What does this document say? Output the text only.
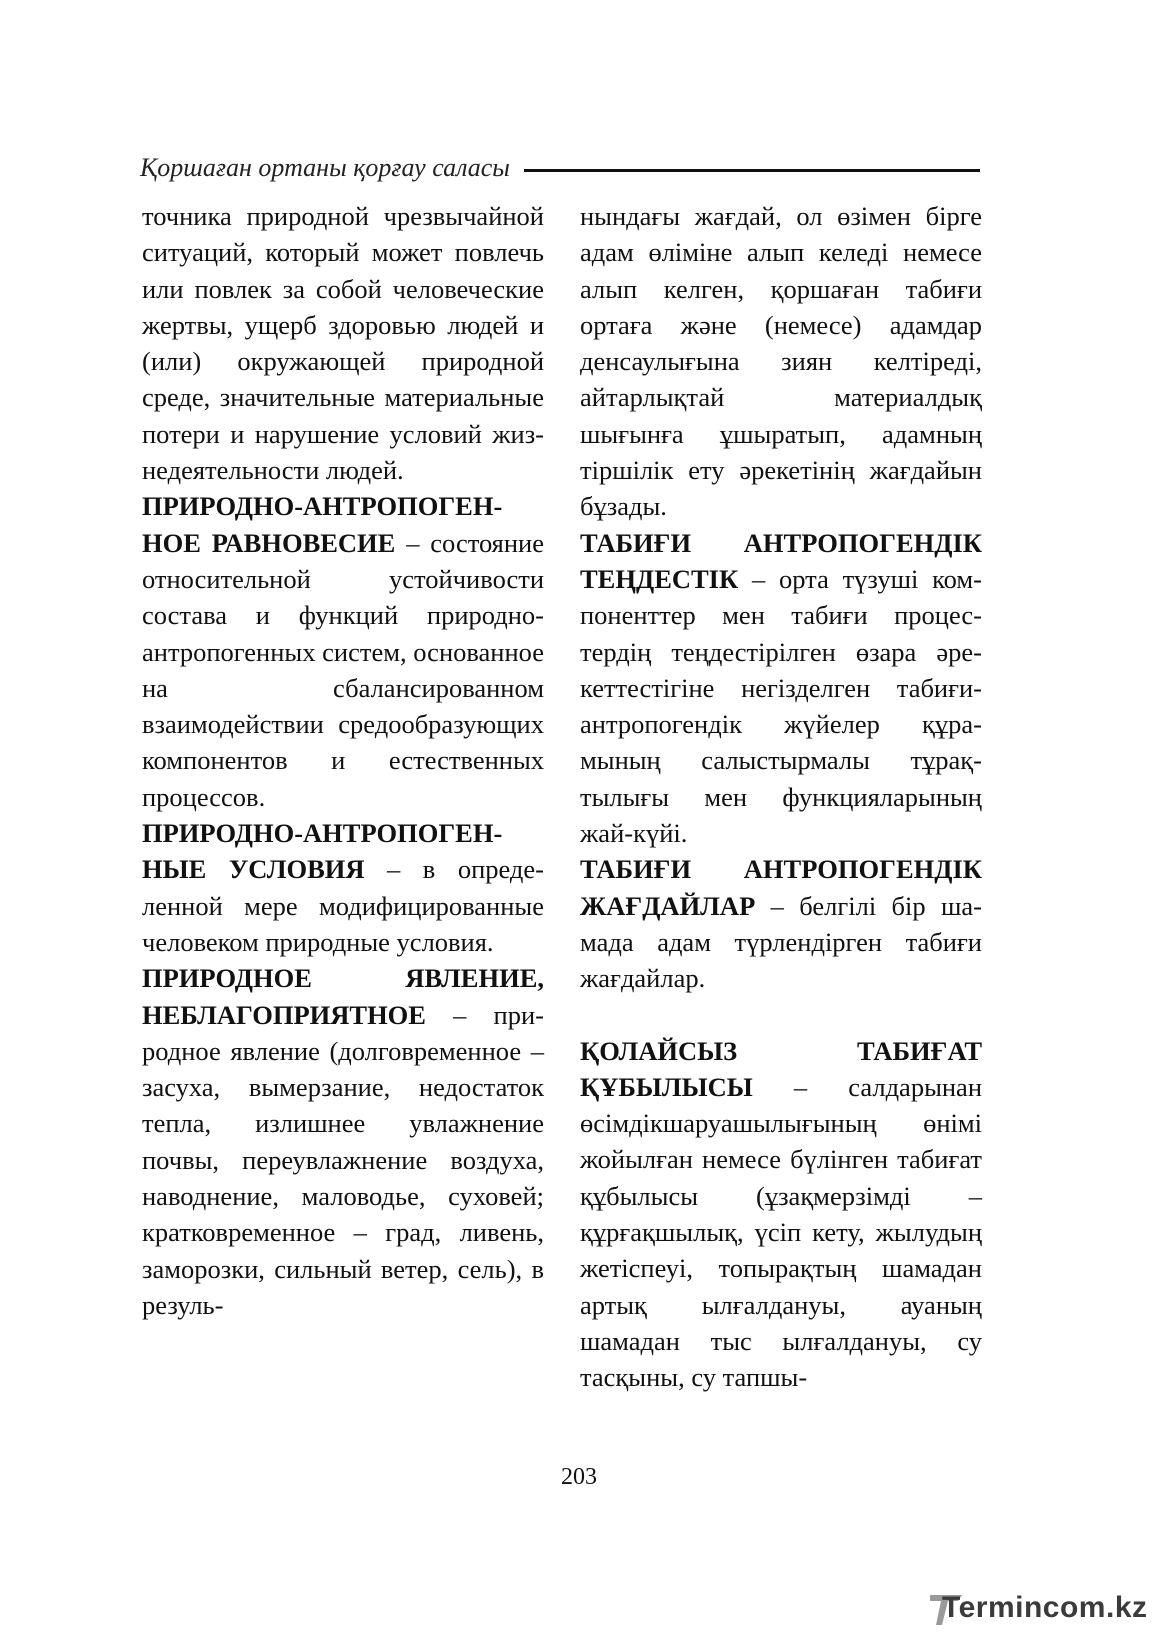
Қоршаған ортаны қорғау саласы

точника природной чрезвычайной ситуаций, который может повлечь или повлек за собой человеческие жертвы, ущерб здоровью людей и (или) окружающей природной среде, значительные материальные потери и нарушение условий жизнедеятельности людей.

ПРИРОДНО-АНТРОПОГЕННОЕ РАВНОВЕСИЕ – состояние относительной устойчивости состава и функций природно-антропогенных систем, основанное на сбалансированном взаимодействии средообразующих компонентов и естественных процессов.

ПРИРОДНО-АНТРОПОГЕННЫЕ УСЛОВИЯ – в определенной мере модифицированные человеком природные условия.

ПРИРОДНОЕ ЯВЛЕНИЕ, НЕБЛАГОПРИЯТНОЕ – природное явление (долговременное – засуха, вымерзание, недостаток тепла, излишнее увлажнение почвы, переувлажнение воздуха, наводнение, маловодье, суховей; кратковременное – град, ливень, заморозки, сильный ветер, сель), в резуль-

нындағы жағдай, ол өзімен бірге адам өліміне алып келеді немесе алып келген, қоршаған табиғи ортаға және (немесе) адамдар денсаулығына зиян келтіреді, айтарлықтай материалдық шығынға ұшыратып, адамның тіршілік ету әрекетінің жағдайын бұзады.

ТАБИҒИ АНТРОПОГЕНДІК ТЕҢДЕСТІК – орта түзуші компоненттер мен табиғи процестердің теңдестірілген өзара әрекеттестігіне негізделген табиғи-антропогендік жүйелер құрамының салыстырмалы тұрақтылығы мен функцияларының жай-күйі.

ТАБИҒИ АНТРОПОГЕНДІК ЖАҒДАЙЛАР – белгілі бір шамада адам түрлендірген табиғи жағдайлар.

ҚОЛАЙСЫЗ ТАБИҒАТ ҚҰБЫЛЫСЫ – салдарынан өсімдікшаруашылығының өнімі жойылған немесе бүлінген табиғат құбылысы (ұзақмерзімді – құрғақшылық, үсіп кету, жылудың жетіспеуі, топырақтың шамадан артық ылғалдануы, ауаның шамадан тыс ылғалдануы, су тасқыны, су тапшы-

203
Termincom.kz
